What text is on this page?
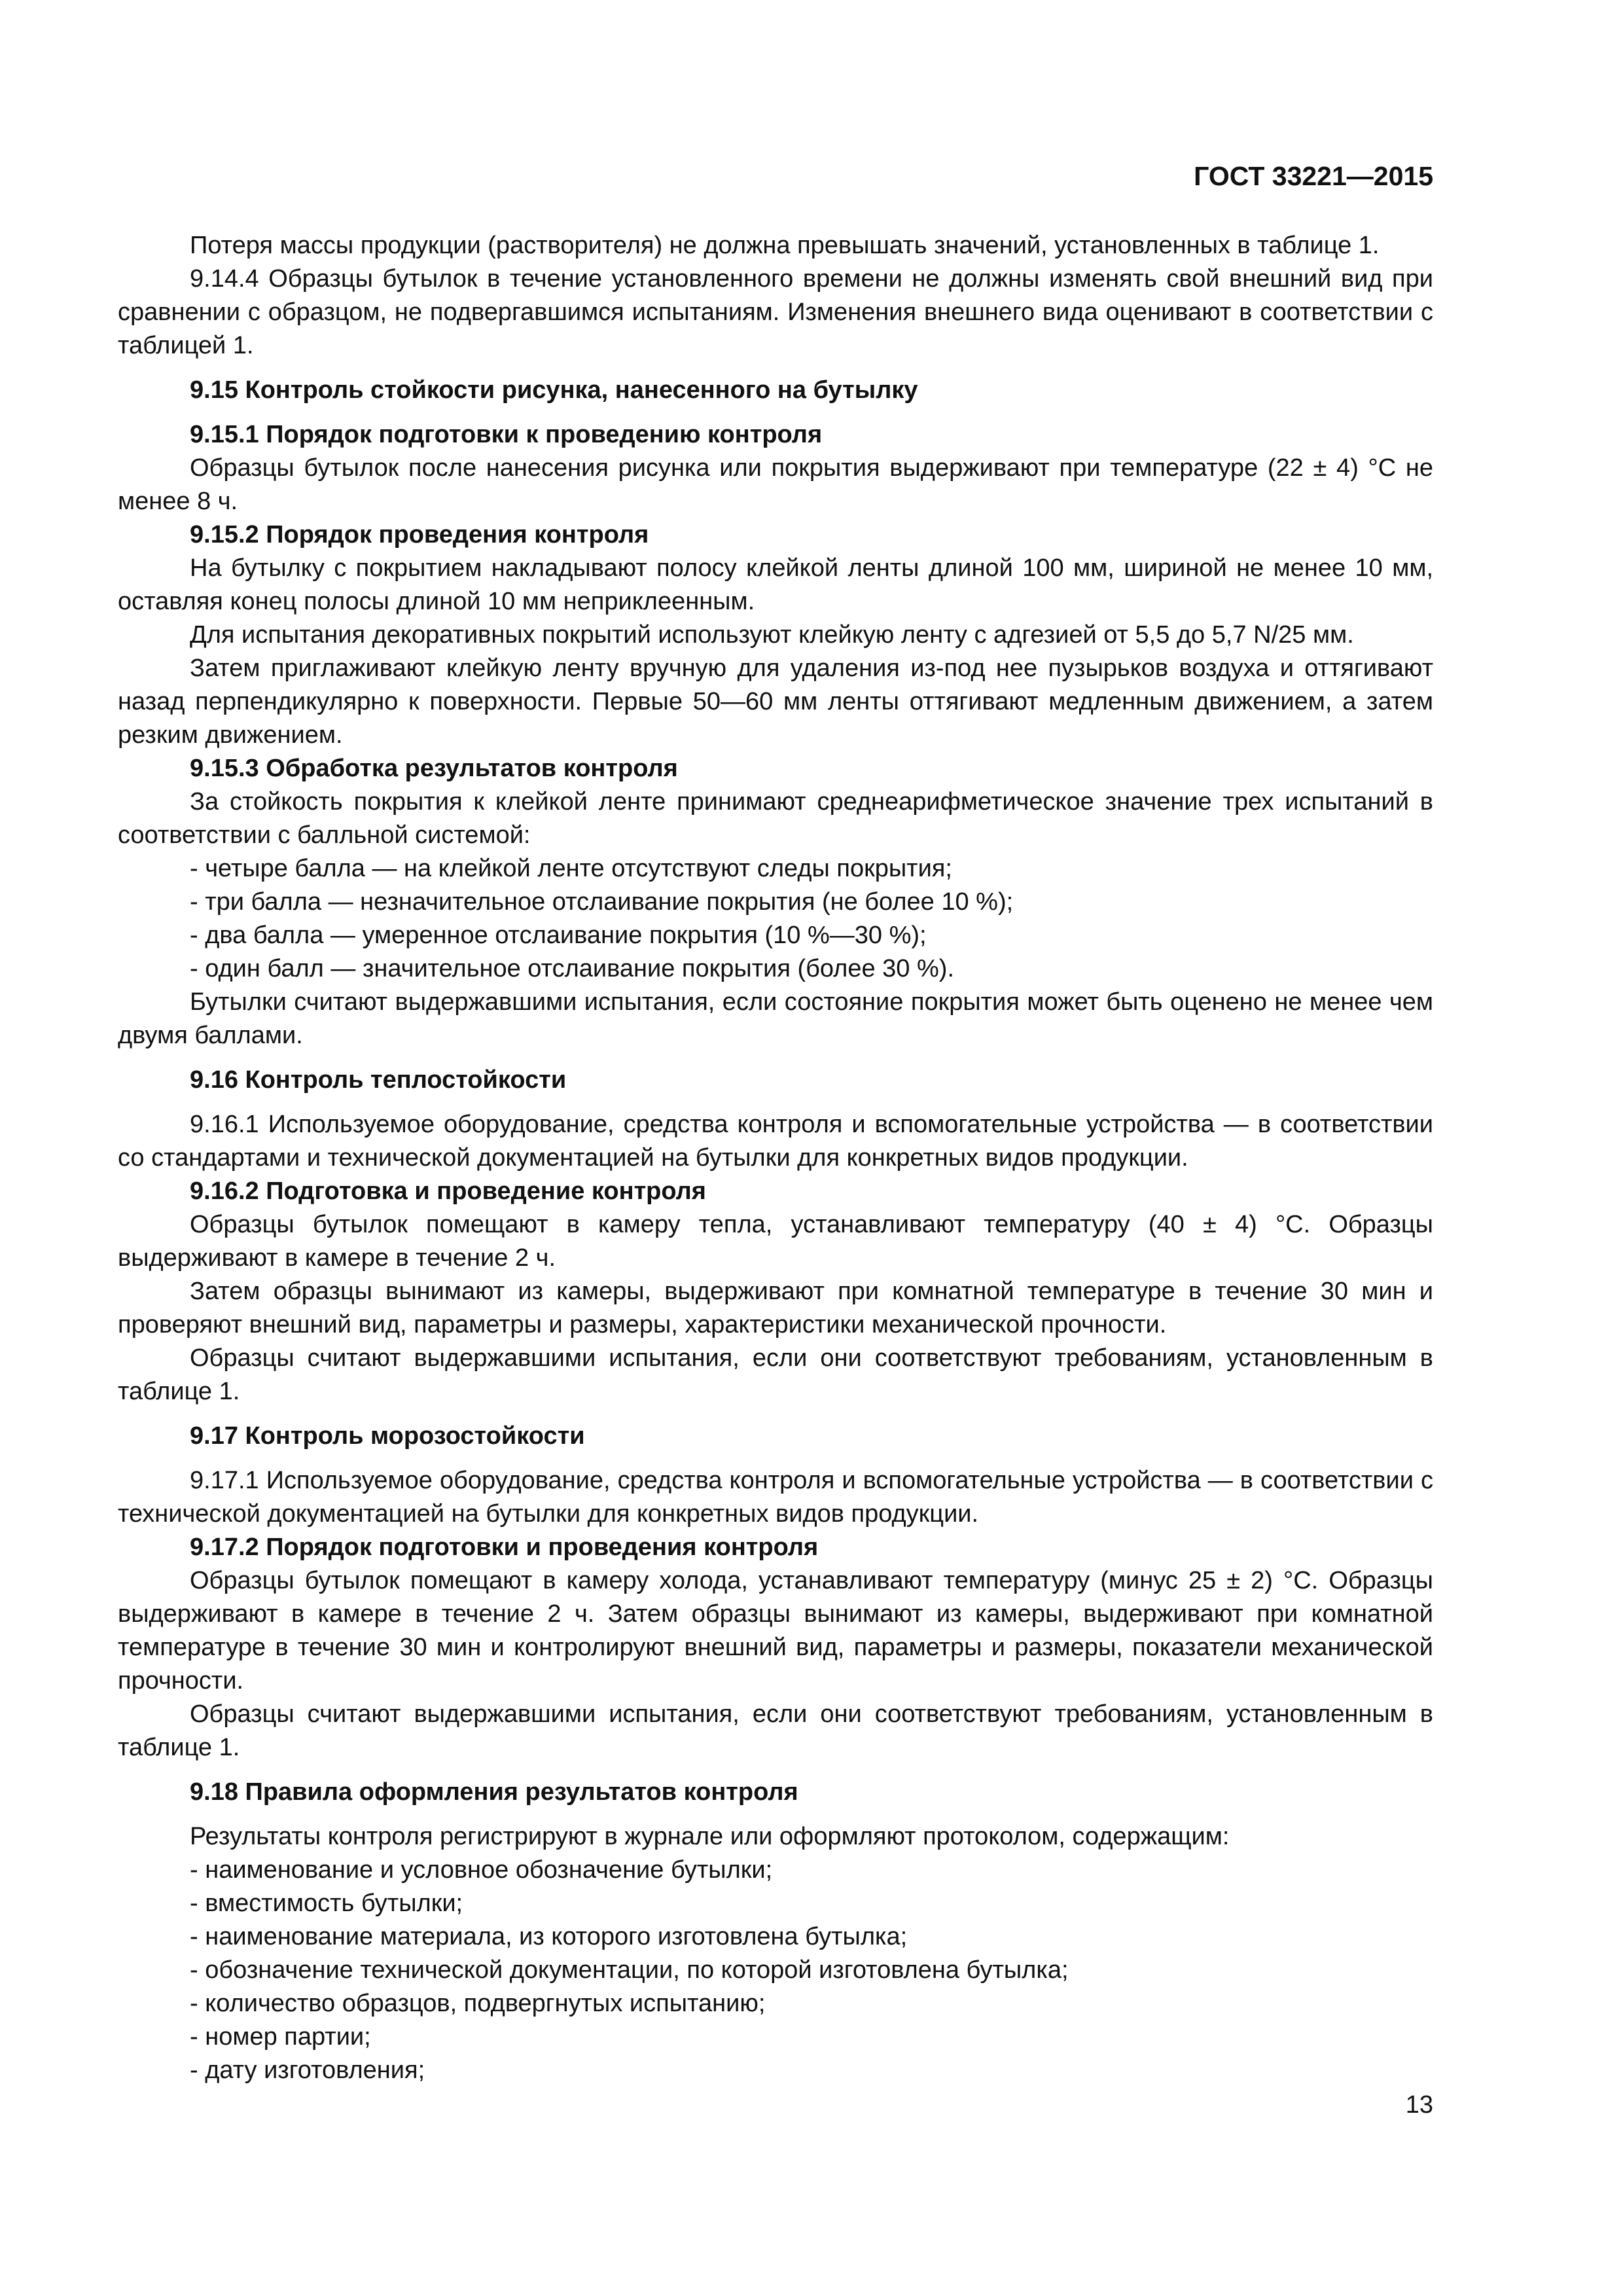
ГОСТ 33221—2015
Потеря массы продукции (растворителя) не должна превышать значений, установленных в таблице 1.
9.14.4 Образцы бутылок в течение установленного времени не должны изменять свой внешний вид при сравнении с образцом, не подвергавшимся испытаниям. Изменения внешнего вида оценивают в соответствии с таблицей 1.
9.15 Контроль стойкости рисунка, нанесенного на бутылку
9.15.1 Порядок подготовки к проведению контроля
Образцы бутылок после нанесения рисунка или покрытия выдерживают при температуре (22 ± 4) °С не менее 8 ч.
9.15.2 Порядок проведения контроля
На бутылку с покрытием накладывают полосу клейкой ленты длиной 100 мм, шириной не менее 10 мм, оставляя конец полосы длиной 10 мм неприклеенным.
Для испытания декоративных покрытий используют клейкую ленту с адгезией от 5,5 до 5,7 N/25 мм.
Затем приглаживают клейкую ленту вручную для удаления из-под нее пузырьков воздуха и оттягивают назад перпендикулярно к поверхности. Первые 50—60 мм ленты оттягивают медленным движением, а затем резким движением.
9.15.3 Обработка результатов контроля
За стойкость покрытия к клейкой ленте принимают среднеарифметическое значение трех испытаний в соответствии с балльной системой:
- четыре балла — на клейкой ленте отсутствуют следы покрытия;
- три балла — незначительное отслаивание покрытия (не более 10 %);
- два балла — умеренное отслаивание покрытия (10 %—30 %);
- один балл — значительное отслаивание покрытия (более 30 %).
Бутылки считают выдержавшими испытания, если состояние покрытия может быть оценено не менее чем двумя баллами.
9.16 Контроль теплостойкости
9.16.1 Используемое оборудование, средства контроля и вспомогательные устройства — в соответствии со стандартами и технической документацией на бутылки для конкретных видов продукции.
9.16.2 Подготовка и проведение контроля
Образцы бутылок помещают в камеру тепла, устанавливают температуру (40 ± 4) °С. Образцы выдерживают в камере в течение 2 ч.
Затем образцы вынимают из камеры, выдерживают при комнатной температуре в течение 30 мин и проверяют внешний вид, параметры и размеры, характеристики механической прочности.
Образцы считают выдержавшими испытания, если они соответствуют требованиям, установленным в таблице 1.
9.17 Контроль морозостойкости
9.17.1 Используемое оборудование, средства контроля и вспомогательные устройства — в соответствии с технической документацией на бутылки для конкретных видов продукции.
9.17.2 Порядок подготовки и проведения контроля
Образцы бутылок помещают в камеру холода, устанавливают температуру (минус 25 ± 2) °С. Образцы выдерживают в камере в течение 2 ч. Затем образцы вынимают из камеры, выдерживают при комнатной температуре в течение 30 мин и контролируют внешний вид, параметры и размеры, показатели механической прочности.
Образцы считают выдержавшими испытания, если они соответствуют требованиям, установленным в таблице 1.
9.18 Правила оформления результатов контроля
Результаты контроля регистрируют в журнале или оформляют протоколом, содержащим:
- наименование и условное обозначение бутылки;
- вместимость бутылки;
- наименование материала, из которого изготовлена бутылка;
- обозначение технической документации, по которой изготовлена бутылка;
- количество образцов, подвергнутых испытанию;
- номер партии;
- дату изготовления;
13
